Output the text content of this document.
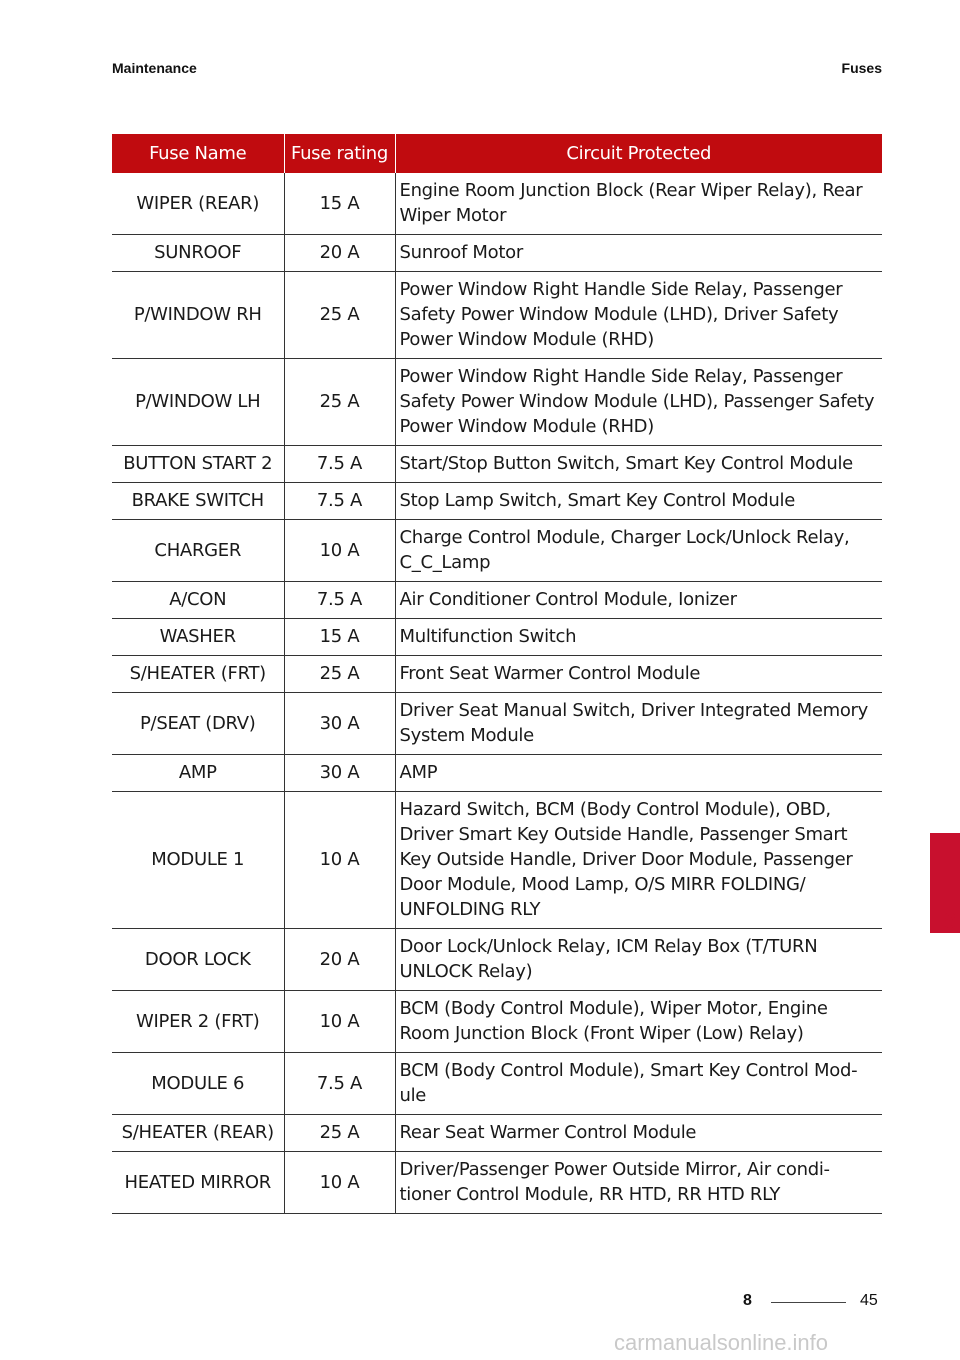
Maintenance	Fuses
Fuse Name	Fuse rating	Circuit Protected
WIPER (REAR)	15 A	Engine Room Junction Block (Rear Wiper Relay), Rear Wiper Motor
SUNROOF	20 A	Sunroof Motor
P/WINDOW RH	25 A	Power Window Right Handle Side Relay, Passenger Safety Power Window Module (LHD), Driver Safety Power Window Module (RHD)
P/WINDOW LH	25 A	Power Window Right Handle Side Relay, Passenger Safety Power Window Module (LHD), Passenger Safety Power Window Module (RHD)
BUTTON START 2	7.5 A	Start/Stop Button Switch, Smart Key Control Module
BRAKE SWITCH	7.5 A	Stop Lamp Switch, Smart Key Control Module
CHARGER	10 A	Charge Control Module, Charger Lock/Unlock Relay, C_C_Lamp
A/CON	7.5 A	Air Conditioner Control Module, Ionizer
WASHER	15 A	Multifunction Switch
S/HEATER (FRT)	25 A	Front Seat Warmer Control Module
P/SEAT (DRV)	30 A	Driver Seat Manual Switch, Driver Integrated Memory System Module
AMP	30 A	AMP
MODULE 1	10 A	Hazard Switch, BCM (Body Control Module), OBD, Driver Smart Key Outside Handle, Passenger Smart Key Outside Handle, Driver Door Module, Passenger Door Module, Mood Lamp, O/S MIRR FOLDING/ UNFOLDING RLY
DOOR LOCK	20 A	Door Lock/Unlock Relay, ICM Relay Box (T/TURN UNLOCK Relay)
WIPER 2 (FRT)	10 A	BCM (Body Control Module), Wiper Motor, Engine Room Junction Block (Front Wiper (Low) Relay)
MODULE 6	7.5 A	BCM (Body Control Module), Smart Key Control Mod- ule
S/HEATER (REAR)	25 A	Rear Seat Warmer Control Module
HEATED MIRROR	10 A	Driver/Passenger Power Outside Mirror, Air condi- tioner Control Module, RR HTD, RR HTD RLY
8
8	45
carmanualsonline.info
